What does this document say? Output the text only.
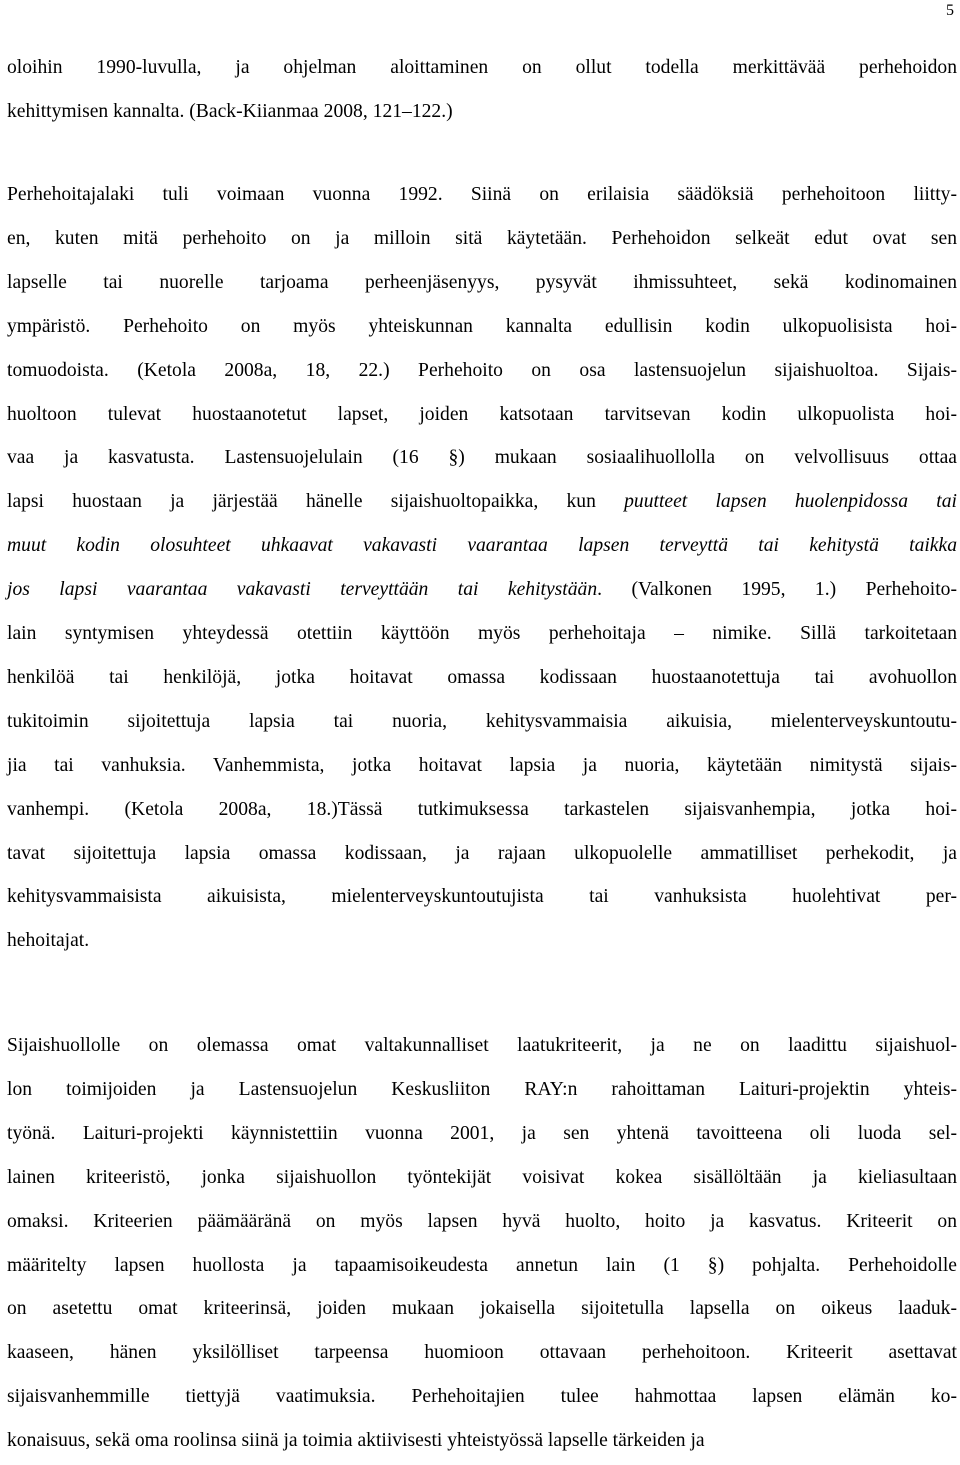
5
oloihin 1990-luvulla, ja ohjelman aloittaminen on ollut todella merkittävää perhehoidon
kehittymisen kannalta. (Back-Kiianmaa 2008, 121–122.)
Perhehoitajalaki tuli voimaan vuonna 1992. Siinä on erilaisia säädöksiä perhehoitoon liitty-
en, kuten mitä perhehoito on ja milloin sitä käytetään. Perhehoidon selkeät edut ovat sen
lapselle tai nuorelle tarjoama perheenjäsenyys, pysyvät ihmissuhteet, sekä kodinomainen
ympäristö. Perhehoito on myös yhteiskunnan kannalta edullisin kodin ulkopuolisista hoi-
tomuodoista. (Ketola 2008a, 18, 22.) Perhehoito on osa lastensuojelun sijaishuoltoa. Sijais-
huoltoon tulevat huostaanotetut lapset, joiden katsotaan tarvitsevan kodin ulkopuolista hoi-
vaa ja kasvatusta. Lastensuojelulain (16 §) mukaan sosiaalihuollolla on velvollisuus ottaa
lapsi huostaan ja järjestää hänelle sijaishuoltopaikka, kun puutteet lapsen huolenpidossa tai
muut kodin olosuhteet uhkaavat vakavasti vaarantaa lapsen terveyttä tai kehitystä taikka
jos lapsi vaarantaa vakavasti terveyttään tai kehitystään. (Valkonen 1995, 1.) Perhehoito-
lain syntymisen yhteydessä otettiin käyttöön myös perhehoitaja – nimike. Sillä tarkoitetaan
henkilöä tai henkilöjä, jotka hoitavat omassa kodissaan huostaanotettuja tai avohuollon
tukitoimin sijoitettuja lapsia tai nuoria, kehitysvammaisia aikuisia, mielenterveyskuntoutu-
jia tai vanhuksia. Vanhemmista, jotka hoitavat lapsia ja nuoria, käytetään nimitystä sijais-
vanhempi. (Ketola 2008a, 18.)Tässä tutkimuksessa tarkastelen sijaisvanhempia, jotka hoi-
tavat sijoitettuja lapsia omassa kodissaan, ja rajaan ulkopuolelle ammatilliset perhekodit, ja
kehitysvammaisista aikuisista, mielenterveyskuntoutujista tai vanhuksista huolehtivat per-
hehoitajat.
Sijaishuollolle on olemassa omat valtakunnalliset laatukriteerit, ja ne on laadittu sijaishuol-
lon toimijoiden ja Lastensuojelun Keskusliiton RAY:n rahoittaman Laituri-projektin yhteis-
työnä. Laituri-projekti käynnistettiin vuonna 2001, ja sen yhtenä tavoitteena oli luoda sel-
lainen kriteeristö, jonka sijaishuollon työntekijät voisivat kokea sisällöltään ja kieliasultaan
omaksi. Kriteerien päämääränä on myös lapsen hyvä huolto, hoito ja kasvatus. Kriteerit on
määritelty lapsen huollosta ja tapaamisoikeudesta annetun lain (1 §) pohjalta. Perhehoidolle
on asetettu omat kriteerinsä, joiden mukaan jokaisella sijoitetulla lapsella on oikeus laaduk-
kaaseen, hänen yksilölliset tarpeensa huomioon ottavaan perhehoitoon. Kriteerit asettavat
sijaisvanhemmille tiettyjä vaatimuksia. Perhehoitajien tulee hahmottaa lapsen elämän ko-
konaisuus, sekä oma roolinsa siinä ja toimia aktiivisesti yhteistyössä lapselle tärkeiden ja
